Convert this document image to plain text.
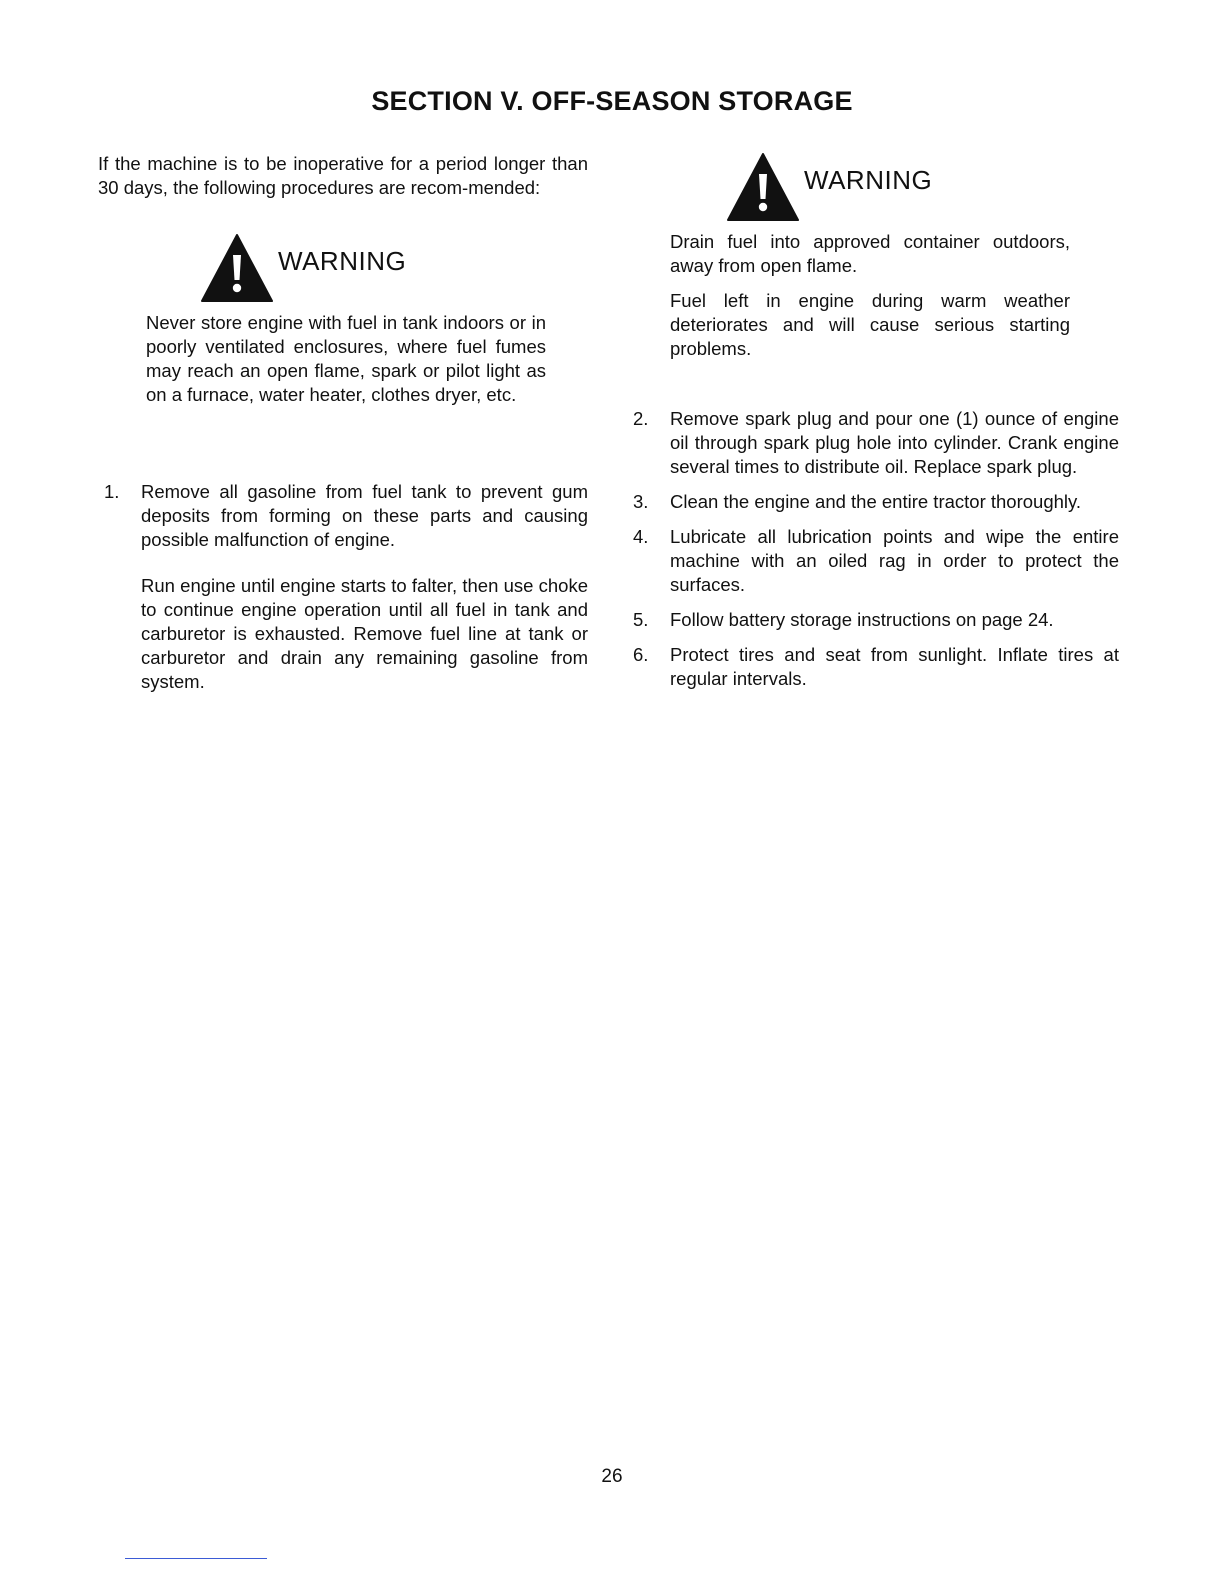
SECTION V. OFF-SEASON STORAGE

If the machine is to be inoperative for a period longer than 30 days, the following procedures are recom-mended:

WARNING

Never store engine with fuel in tank indoors or in poorly ventilated enclosures, where fuel fumes may reach an open flame, spark or pilot light as on a furnace, water heater, clothes dryer, etc.

1.	Remove all gasoline from fuel tank to prevent gum deposits from forming on these parts and causing possible malfunction of engine.

Run engine until engine starts to falter, then use choke to continue engine operation until all fuel in tank and carburetor is exhausted. Remove fuel line at tank or carburetor and drain any remaining gasoline from system.

WARNING

Drain fuel into approved container outdoors, away from open flame.

Fuel left in engine during warm weather deteriorates and will cause serious starting problems.

2.	Remove spark plug and pour one (1) ounce of engine oil through spark plug hole into cylinder. Crank engine several times to distribute oil. Replace spark plug.
3.	Clean the engine and the entire tractor thoroughly.
4.	Lubricate all lubrication points and wipe the entire machine with an oiled rag in order to protect the surfaces.
5.	Follow battery storage instructions on page 24.
6.	Protect tires and seat from sunlight. Inflate tires at regular intervals.
26
